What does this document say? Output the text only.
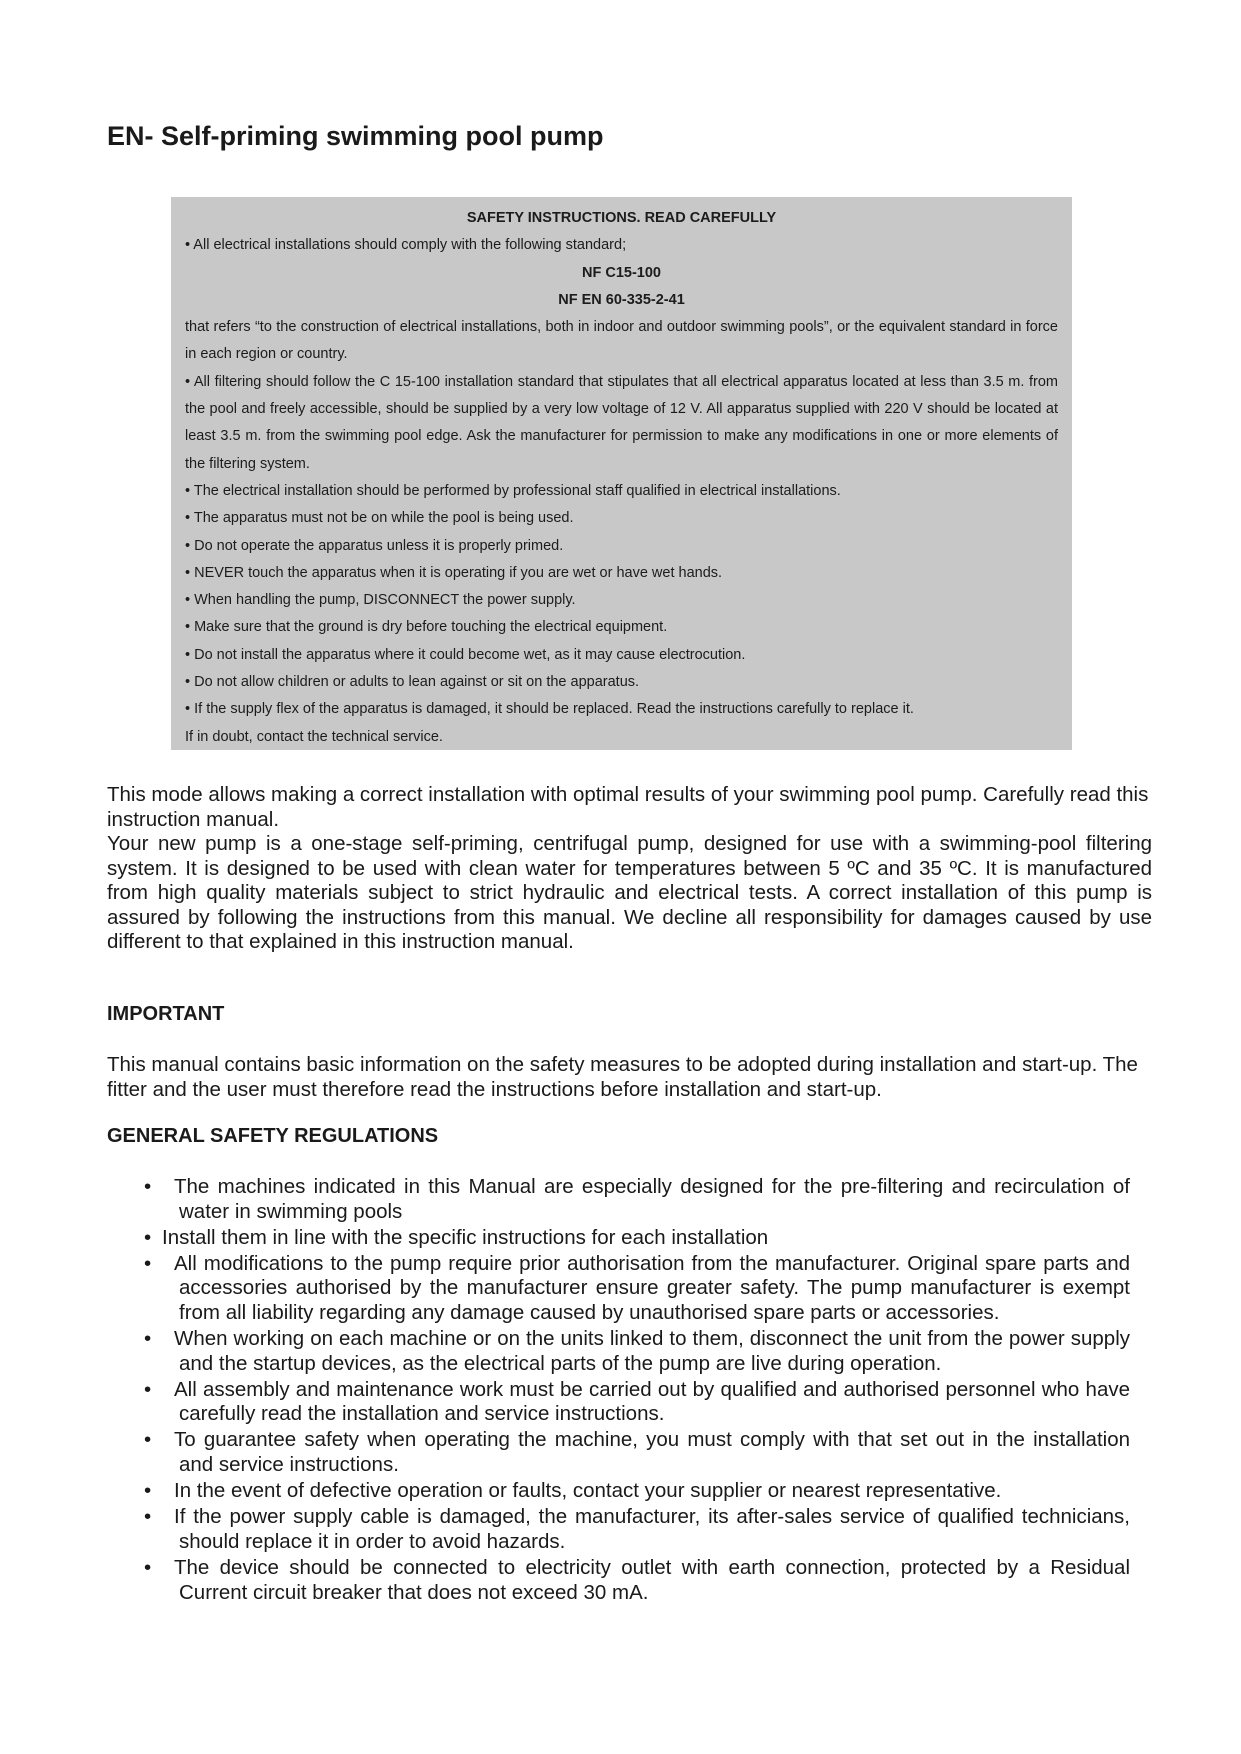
EN- Self-priming swimming pool pump

SAFETY INSTRUCTIONS. READ CAREFULLY

• All electrical installations should comply with the following standard;

NF C15-100

NF EN 60-335-2-41

that refers “to the construction of electrical installations, both in indoor and outdoor swimming pools”, or the equivalent standard in force in each region or country.

• All filtering should follow the C 15-100 installation standard that stipulates that all electrical apparatus located at less than 3.5 m. from the pool and freely accessible, should be supplied by a very low voltage of 12 V. All apparatus supplied with 220 V should be located at least 3.5 m. from the swimming pool edge. Ask the manufacturer for permission to make any modifications in one or more elements of the filtering system.

• The electrical installation should be performed by professional staff qualified in electrical installations.

• The apparatus must not be on while the pool is being used.

• Do not operate the apparatus unless it is properly primed.

• NEVER touch the apparatus when it is operating if you are wet or have wet hands.

• When handling the pump, DISCONNECT the power supply.

• Make sure that the ground is dry before touching the electrical equipment.

• Do not install the apparatus where it could become wet, as it may cause electrocution.

• Do not allow children or adults to lean against or sit on the apparatus.

• If the supply flex of the apparatus is damaged, it should be replaced. Read the instructions carefully to replace it.

If in doubt, contact the technical service.

This mode allows making a correct installation with optimal results of your swimming pool pump. Carefully read this instruction manual.
Your new pump is a one-stage self-priming, centrifugal pump, designed for use with a swimming-pool filtering system. It is designed to be used with clean water for temperatures between 5 ºC and 35 ºC. It is manufactured from high quality materials subject to strict hydraulic and electrical tests. A correct installation of this pump is assured by following the instructions from this manual. We decline all responsibility for damages caused by use different to that explained in this instruction manual.
IMPORTANT

This manual contains basic information on the safety measures to be adopted during installation and start-up. The fitter and the user must therefore read the instructions before installation and start-up.

GENERAL SAFETY REGULATIONS
• The machines indicated in this Manual are especially designed for the pre-filtering and recirculation of water in swimming pools
• Install them in line with the specific instructions for each installation
• All modifications to the pump require prior authorisation from the manufacturer. Original spare parts and accessories authorised by the manufacturer ensure greater safety. The pump manufacturer is exempt from all liability regarding any damage caused by unauthorised spare parts or accessories.
• When working on each machine or on the units linked to them, disconnect the unit from the power supply and the startup devices, as the electrical parts of the pump are live during operation.
• All assembly and maintenance work must be carried out by qualified and authorised personnel who have carefully read the installation and service instructions.
• To guarantee safety when operating the machine, you must comply with that set out in the installation and service instructions.
• In the event of defective operation or faults, contact your supplier or nearest representative.
• If the power supply cable is damaged, the manufacturer, its after-sales service of qualified technicians, should replace it in order to avoid hazards.
• The device should be connected to electricity outlet with earth connection, protected by a Residual Current circuit breaker that does not exceed 30 mA.
